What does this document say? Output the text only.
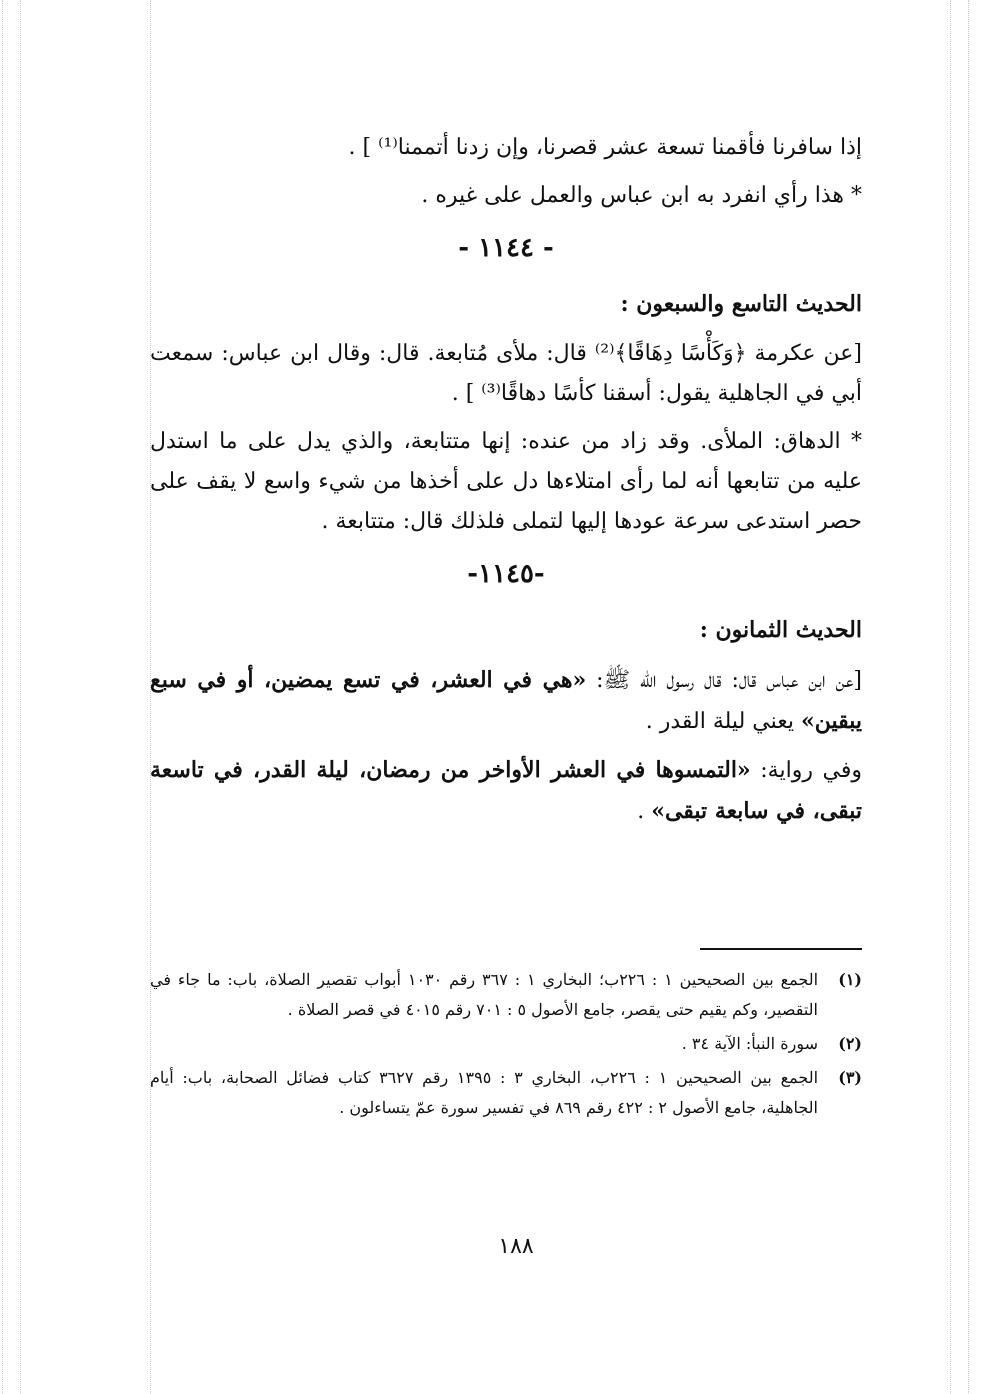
إذا سافرنا فأقمنا تسعة عشر قصرنا، وإن زدنا أتممنا⁽¹⁾ ] .

* هذا رأي انفرد به ابن عباس والعمل على غيره .

- ١١٤٤ -
الحديث التاسع والسبعون :

[عن عكرمة ﴿وَكَأْسًا دِهَاقًا﴾⁽²⁾ قال: ملأى مُتابعة. قال: وقال ابن عباس: سمعت أبي في الجاهلية يقول: أسقنا كأسًا دهاقًا⁽³⁾ ] .

* الدهاق: الملأى. وقد زاد من عنده: إنها متتابعة، والذي يدل على ما استدل عليه من تتابعها أنه لما رأى امتلاءها دل على أخذها من شيء واسع لا يقف على حصر استدعى سرعة عودها إليها لتملى فلذلك قال: متتابعة .

-١١٤٥-
الحديث الثمانون :

[عن ابن عباس قال: قال رسول الله ﷺ: «هي في العشر، في تسع يمضين، أو في سبع يبقين» يعني ليلة القدر .

وفي رواية: «التمسوها في العشر الأواخر من رمضان، ليلة القدر، في تاسعة تبقى، في سابعة تبقى» .

(١)
الجمع بين الصحيحين ١ : ٢٢٦ب؛ البخاري ١ : ٣٦٧ رقم ١٠٣٠ أبواب تقصير الصلاة، باب: ما جاء في التقصير، وكم يقيم حتى يقصر، جامع الأصول ٥ : ٧٠١ رقم ٤٠١٥ في قصر الصلاة .
(٢)
سورة النبأ: الآية ٣٤ .
(٣)
الجمع بين الصحيحين ١ : ٢٢٦ب، البخاري ٣ : ١٣٩٥ رقم ٣٦٢٧ كتاب فضائل الصحابة، باب: أيام الجاهلية، جامع الأصول ٢ : ٤٢٢ رقم ٨٦٩ في تفسير سورة عمّ يتساءلون .
١٨٨
